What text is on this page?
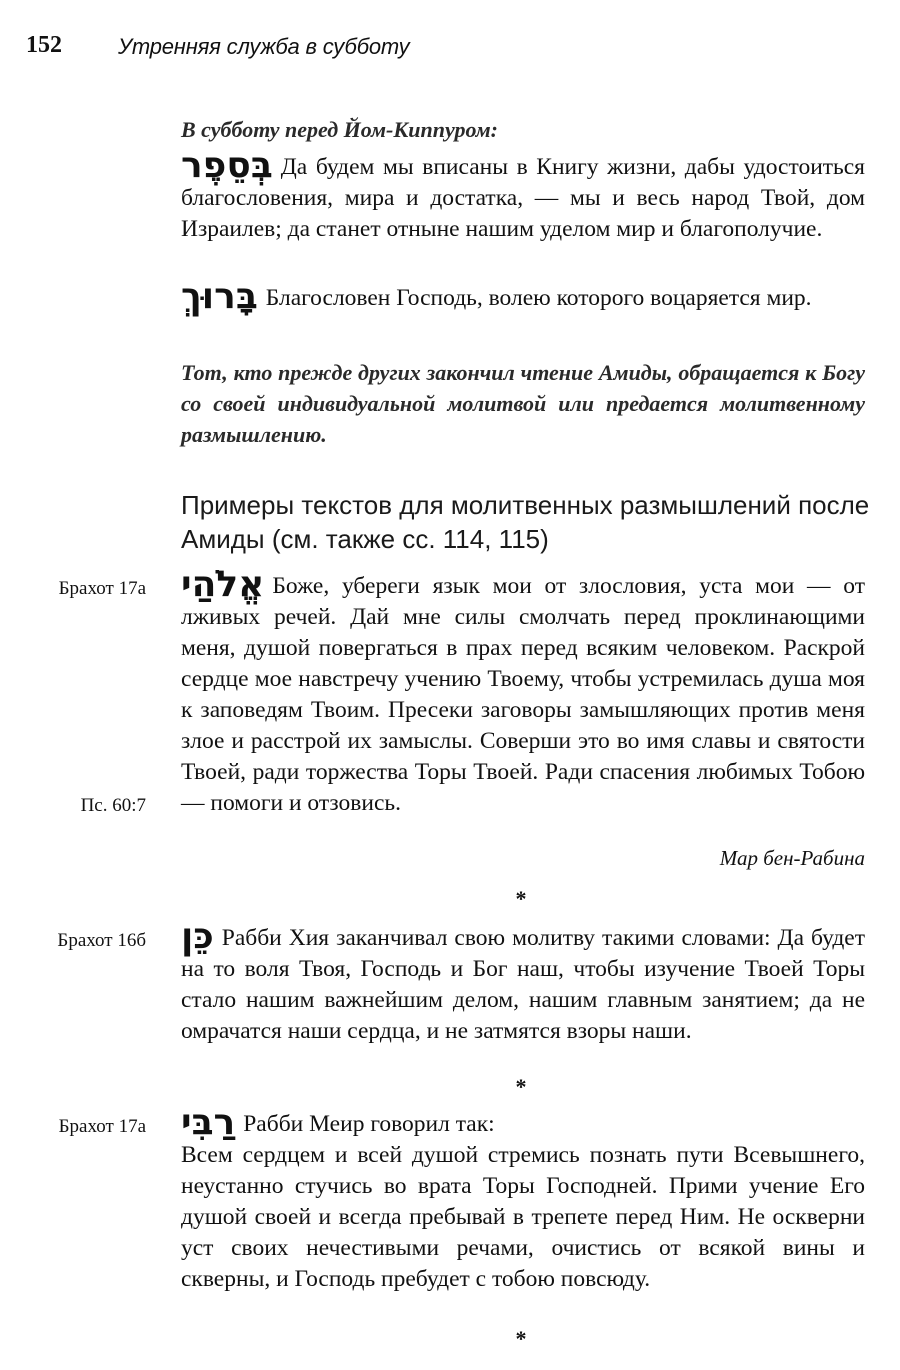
152	Утренняя служба в субботу
В субботу перед Йом-Киппуром:

בְּסֵפֶר Да будем мы вписаны в Книгу жизни, дабы удостоиться благословения, мира и достатка, — мы и весь народ Твой, дом Израилев; да станет отныне нашим уделом мир и благополучие.

בָּרוּךְ Благословен Господь, волею которого воцаряется мир.

Тот, кто прежде других закончил чтение Амиды, обращается к Богу со своей индивидуальной молитвой или предается молитвенному размышлению.
Примеры текстов для молитвенных размышлений после Амиды (см. также сс. 114, 115)
Брахот 17а
Пс. 60:7

אֱלֹהַי Боже, убереги язык мои от злословия, уста мои — от лживых речей. Дай мне силы смолчать перед проклинающими меня, душой повергаться в прах перед всяким человеком. Раскрой сердце мое навстречу учению Твоему, чтобы устремилась душа моя к заповедям Твоим. Пресеки заговоры замышляющих против меня злое и расстрой их замыслы. Соверши это во имя славы и святости Твоей, ради торжества Торы Твоей. Ради спасения любимых Тобою — помоги и отзовись.

Мар бен-Рабина
*
Брахот 16б כֵּן Рабби Хия заканчивал свою молитву такими словами: Да будет на то воля Твоя, Господь и Бог наш, чтобы изучение Твоей Торы стало нашим важнейшим делом, нашим главным занятием; да не омрачатся наши сердца, и не затмятся взоры наши.

*
Брахот 17а רַבִּי Рабби Меир говорил так:

Всем сердцем и всей душой стремись познать пути Всевышнего, неустанно стучись во врата Торы Господней. Прими учение Его душой своей и всегда пребывай в трепете перед Ним. Не оскверни уст своих нечестивыми речами, очистись от всякой вины и скверны, и Господь пребудет с тобою повсюду.

*
